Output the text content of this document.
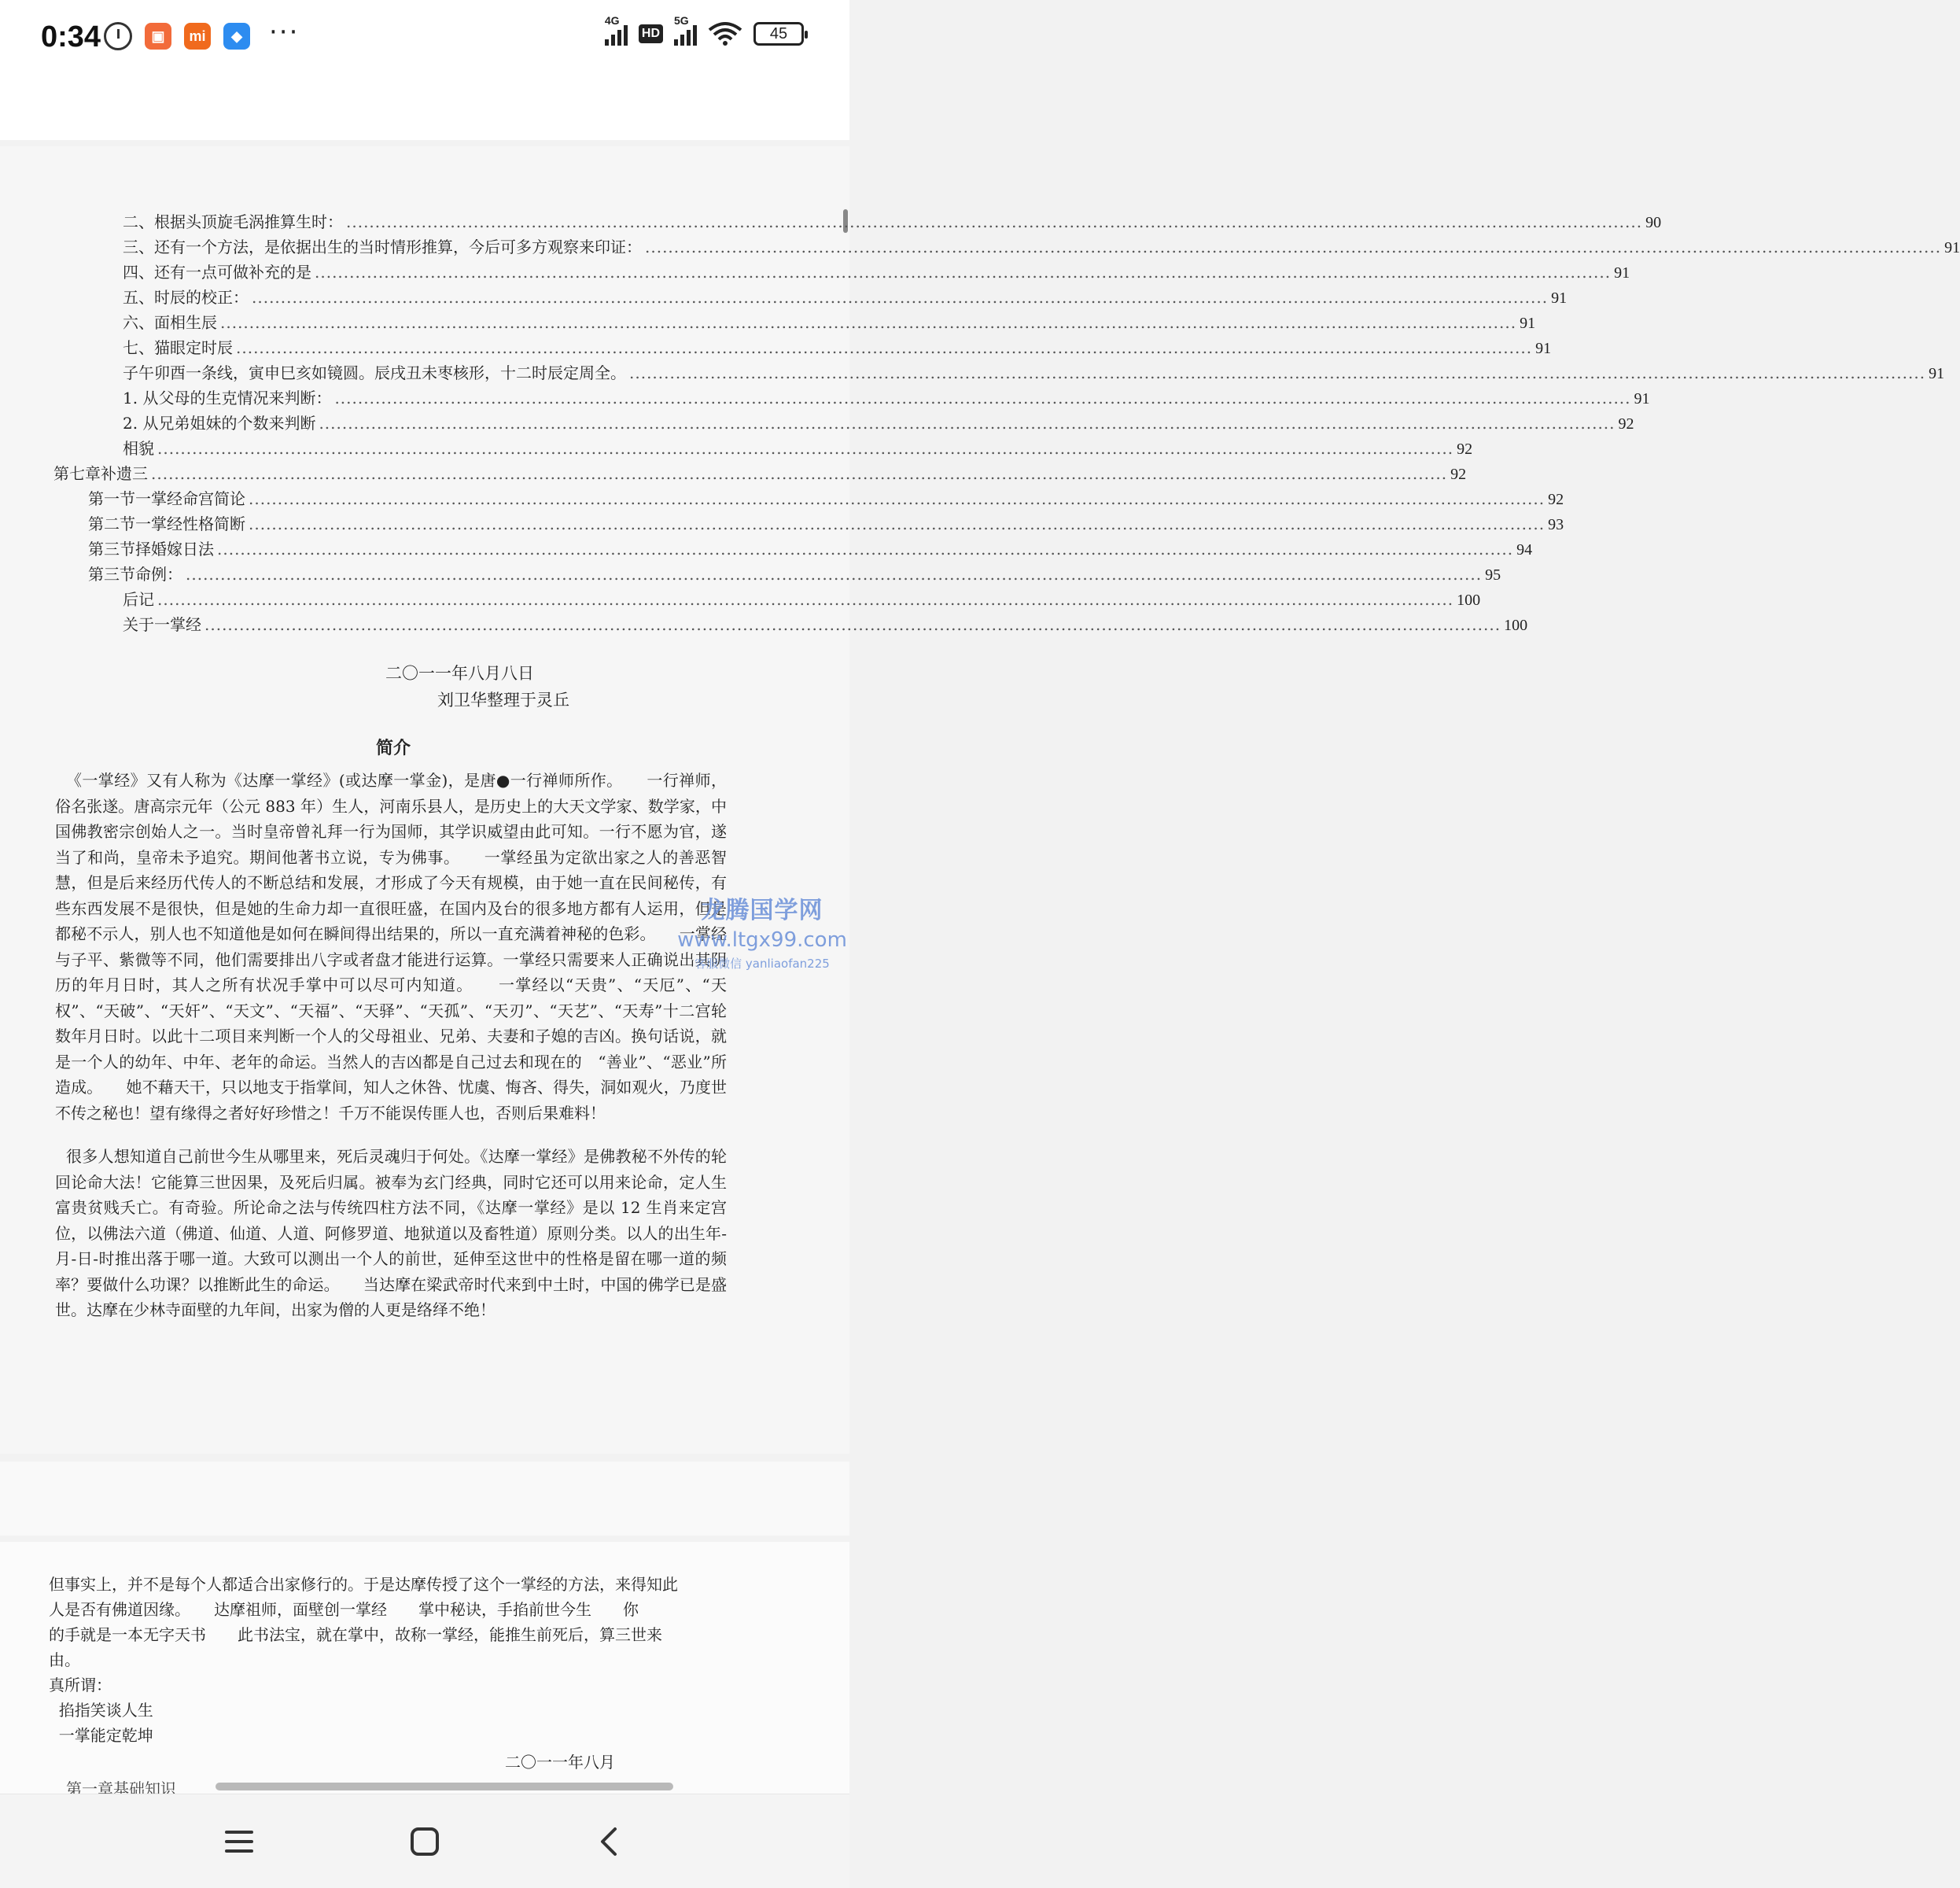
0:34	▣	mi	◆ ···	4G
HD
5G
45
二、根据头顶旋毛涡推算生时： .....	90
三、还有一个方法，是依据出生的当时情形推算，今后可多方观察来印证： .....	91
四、还有一点可做补充的是 .....	91
五、时辰的校正： .....	91
六、面相生辰 .....	91
七、猫眼定时辰 .....	91
子午卯酉一条线，寅申巳亥如镜圆。辰戌丑未枣核形，十二时辰定周全。 .....	91
1. 从父母的生克情况来判断： .....	91
2. 从兄弟姐妹的个数来判断 .....	92
相貌 .....	92
第七章补遗三 .....	92
第一节一掌经命宫简论 .....	92
第二节一掌经性格简断 .....	93
第三节择婚嫁日法 .....	94
第三节命例： .....	95
后记 .....	100
关于一掌经 .....	100
二〇一一年八月八日
刘卫华整理于灵丘
简介
《一掌经》又有人称为《达摩一掌经》(或达摩一掌金)，是唐●一行禅师所作。　　一行禅师，俗名张遂。唐高宗元年（公元 883 年）生人，河南乐县人，是历史上的大天文学家、数学家，中国佛教密宗创始人之一。当时皇帝曾礼拜一行为国师，其学识威望由此可知。一行不愿为官，遂当了和尚，皇帝未予追究。期间他著书立说，专为佛事。　　一掌经虽为定欲出家之人的善恶智慧，但是后来经历代传人的不断总结和发展，才形成了今天有规模，由于她一直在民间秘传，有些东西发展不是很快，但是她的生命力却一直很旺盛，在国内及台的很多地方都有人运用，但是都秘不示人，别人也不知道他是如何在瞬间得出结果的，所以一直充满着神秘的色彩。　　一掌经与子平、紫微等不同，他们需要排出八字或者盘才能进行运算。一掌经只需要来人正确说出其阴历的年月日时，其人之所有状况手掌中可以尽可内知道。　　一掌经以“天贵”、“天厄”、“天权”、“天破”、“天奸”、“天文”、“天福”、“天驿”、“天孤”、“天刃”、“天艺”、“天寿”十二宫轮数年月日时。以此十二项目来判断一个人的父母祖业、兄弟、夫妻和子媳的吉凶。换句话说，就是一个人的幼年、中年、老年的命运。当然人的吉凶都是自己过去和现在的　“善业”、“恶业”所造成。　　她不藉天干，只以地支于指掌间，知人之休咎、忧虞、悔吝、得失，洞如观火，乃度世不传之秘也！望有缘得之者好好珍惜之！千万不能误传匪人也，否则后果难料！
很多人想知道自己前世今生从哪里来，死后灵魂归于何处。《达摩一掌经》是佛教秘不外传的轮回论命大法！它能算三世因果，及死后归属。被奉为玄门经典，同时它还可以用来论命，定人生富贵贫贱夭亡。有奇验。所论命之法与传统四柱方法不同，《达摩一掌经》是以 12 生肖来定宫位，以佛法六道（佛道、仙道、人道、阿修罗道、地狱道以及畜牲道）原则分类。以人的出生年-月-日-时推出落于哪一道。大致可以测出一个人的前世，延伸至这世中的性格是留在哪一道的频率？要做什么功课？以推断此生的命运。　　当达摩在梁武帝时代来到中土时，中国的佛学已是盛世。达摩在少林寺面壁的九年间，出家为僧的人更是络绎不绝！
龙腾国学网
www.ltgx99.com
客服微信 yanliaofan225
但事实上，并不是每个人都适合出家修行的。于是达摩传授了这个一掌经的方法，来得知此
人是否有佛道因缘。　　达摩祖师，面壁创一掌经　　掌中秘诀，手掐前世今生　　你
的手就是一本无字天书　　此书法宝，就在掌中，故称一掌经，能推生前死后，算三世来
由。
真所谓：
掐指笑谈人生
一掌能定乾坤
二〇一一年八月
